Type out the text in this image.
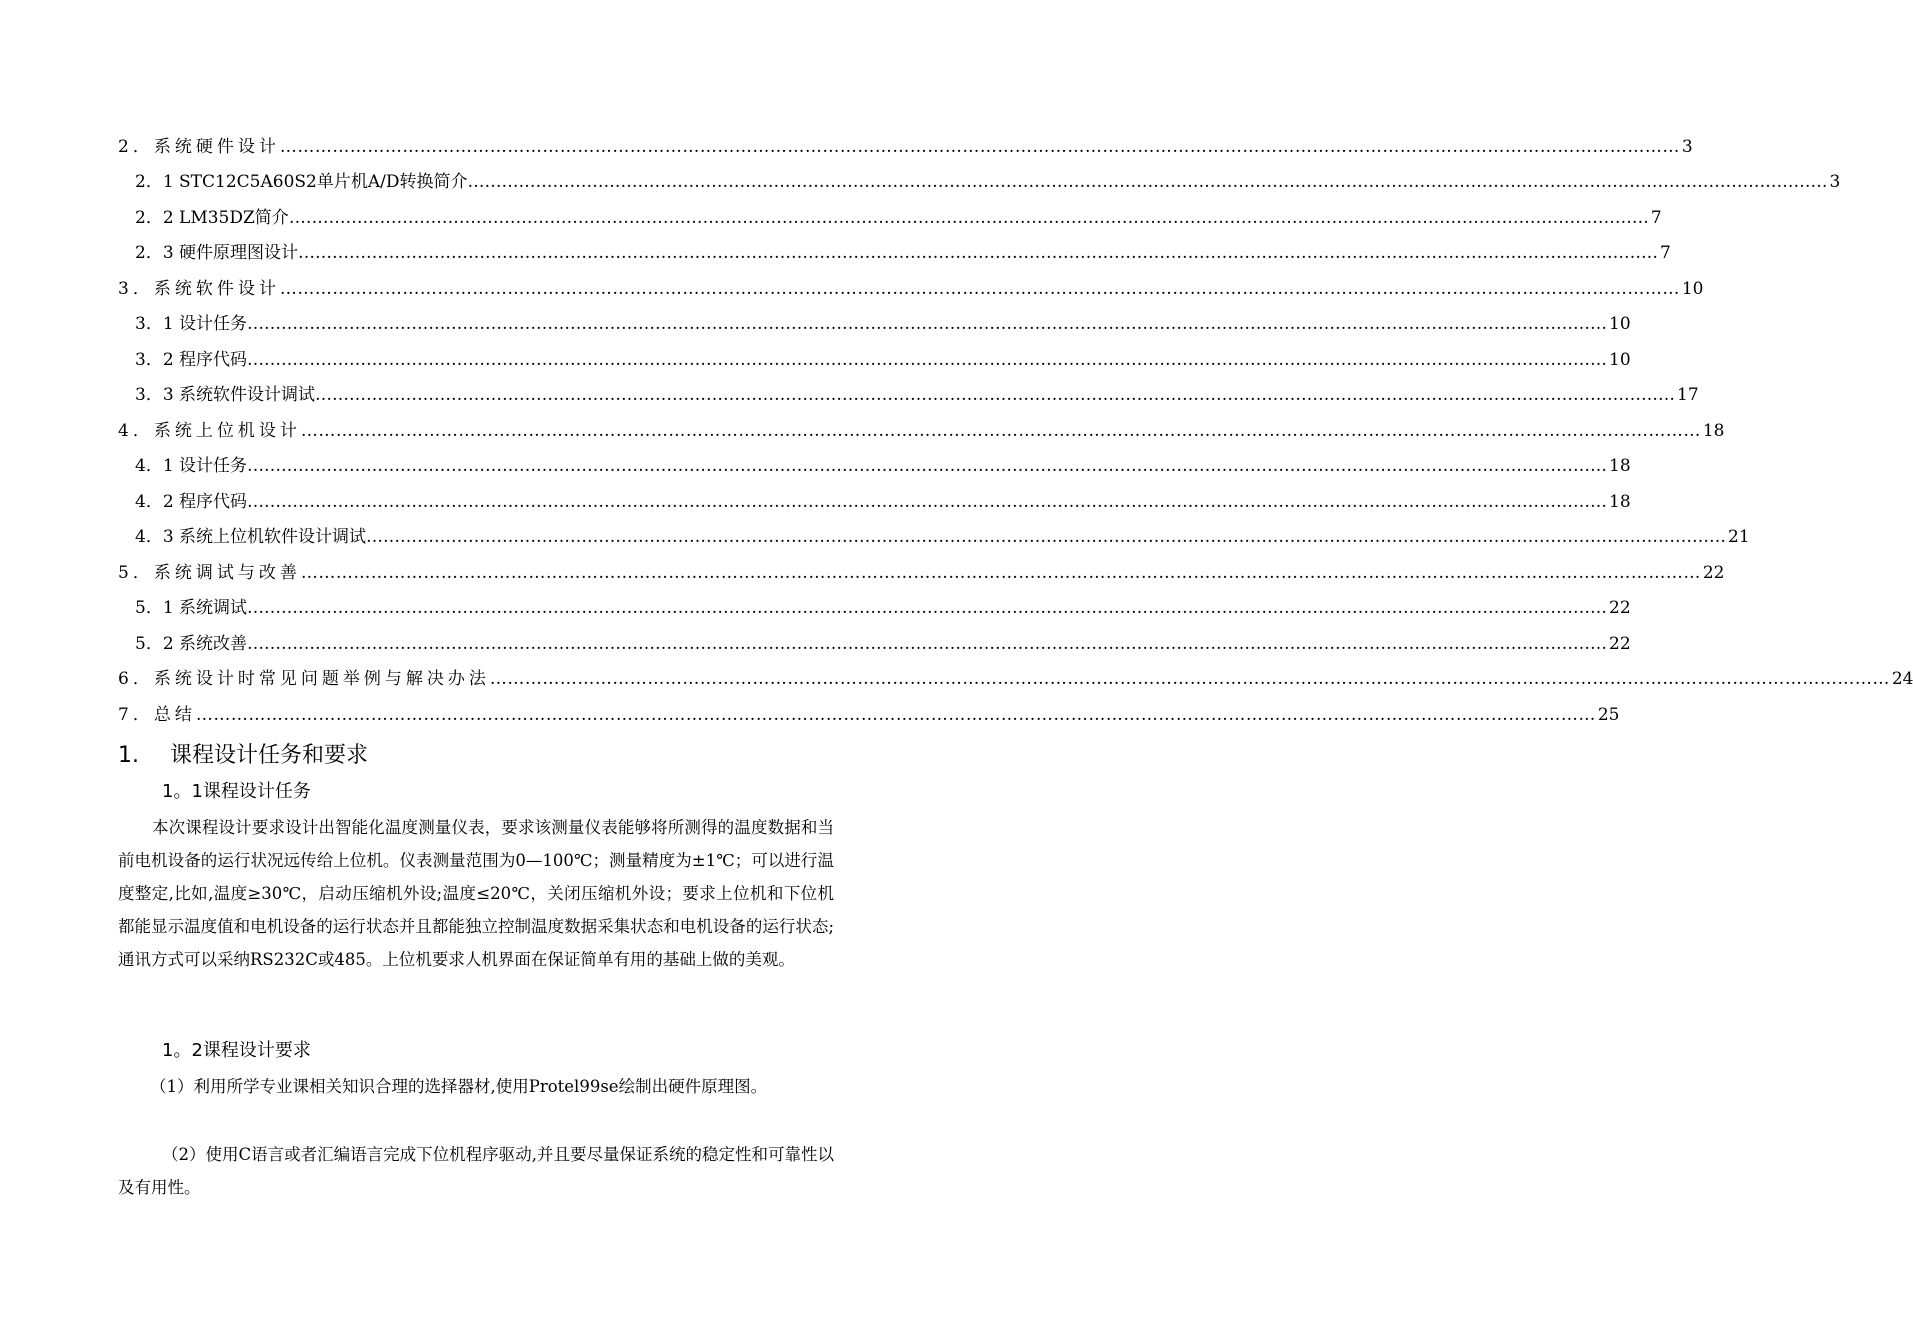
2．系统硬件设计 …………………………………………………………………………………………………………………………………………………………………………………………………………………… 3
2．1 STC12C5A60S2单片机A/D转换简介 …………………………………………………………………………………………………………………………………………………………………………………………………………………… 3
2．2 LM35DZ简介 …………………………………………………………………………………………………………………………………………………………………………………………………………………… 7
2．3 硬件原理图设计 …………………………………………………………………………………………………………………………………………………………………………………………………………………… 7
3．系统软件设计 …………………………………………………………………………………………………………………………………………………………………………………………………………………… 10
3．1 设计任务 …………………………………………………………………………………………………………………………………………………………………………………………………………………… 10
3．2 程序代码 …………………………………………………………………………………………………………………………………………………………………………………………………………………… 10
3．3 系统软件设计调试 …………………………………………………………………………………………………………………………………………………………………………………………………………………… 17
4．系统上位机设计 …………………………………………………………………………………………………………………………………………………………………………………………………………………… 18
4．1 设计任务 …………………………………………………………………………………………………………………………………………………………………………………………………………………… 18
4．2 程序代码 …………………………………………………………………………………………………………………………………………………………………………………………………………………… 18
4．3 系统上位机软件设计调试 …………………………………………………………………………………………………………………………………………………………………………………………………………………… 21
5．系统调试与改善 …………………………………………………………………………………………………………………………………………………………………………………………………………………… 22
5．1 系统调试 …………………………………………………………………………………………………………………………………………………………………………………………………………………… 22
5．2 系统改善 …………………………………………………………………………………………………………………………………………………………………………………………………………………… 22
6．系统设计时常见问题举例与解决办法 …………………………………………………………………………………………………………………………………………………………………………………………………………………… 24
7．总结 …………………………………………………………………………………………………………………………………………………………………………………………………………………… 25
1. 课程设计任务和要求
1。1课程设计任务

本次课程设计要求设计出智能化温度测量仪表，要求该测量仪表能够将所测得的温度数据和当前电机设备的运行状况远传给上位机。仪表测量范围为0—100℃；测量精度为±1℃；可以进行温度整定,比如,温度≥30℃，启动压缩机外设;温度≤20℃，关闭压缩机外设；要求上位机和下位机都能显示温度值和电机设备的运行状态并且都能独立控制温度数据采集状态和电机设备的运行状态;通讯方式可以采纳RS232C或485。上位机要求人机界面在保证简单有用的基础上做的美观。

1。2课程设计要求

（1）利用所学专业课相关知识合理的选择器材,使用Protel99se绘制出硬件原理图。

（2）使用C语言或者汇编语言完成下位机程序驱动,并且要尽量保证系统的稳定性和可靠性以及有用性。
